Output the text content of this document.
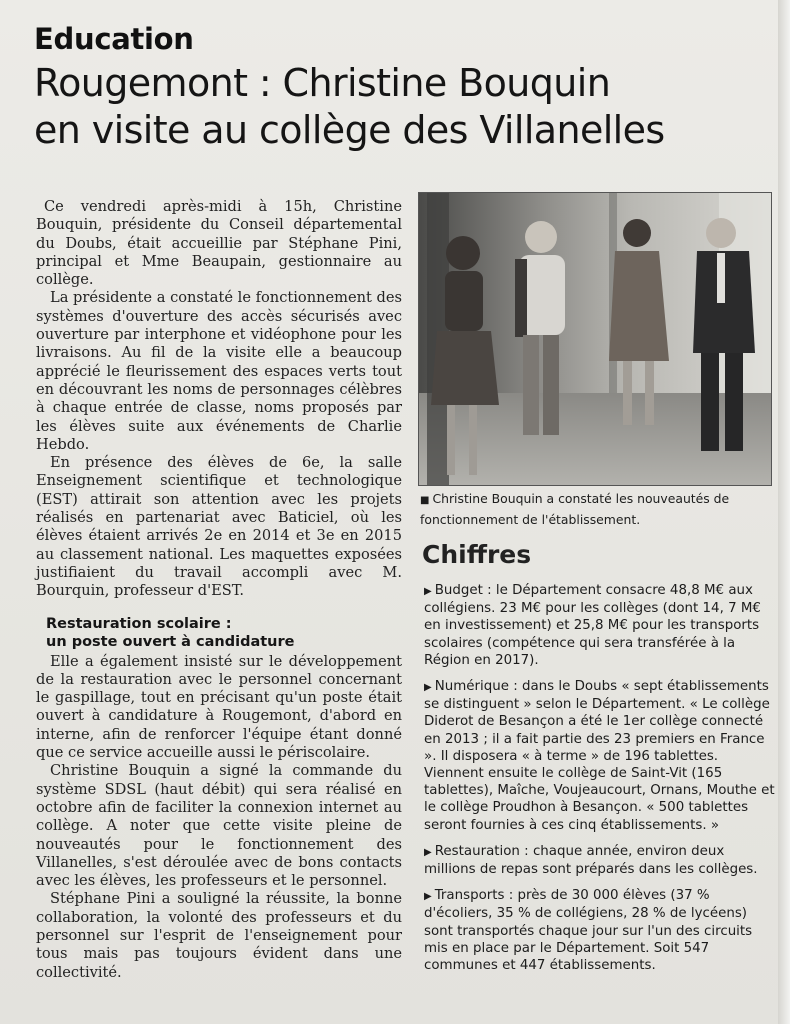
Education
Rougemont : Christine Bouquin
en visite au collège des Villanelles

Ce vendredi après-midi à 15h, Christine Bouquin, présidente du Conseil départemental du Doubs, était accueillie par Stéphane Pini, principal et Mme Beaupain, gestionnaire au collège.

La présidente a constaté le fonctionnement des systèmes d'ouverture des accès sécurisés avec ouverture par interphone et vidéophone pour les livraisons. Au fil de la visite elle a beaucoup apprécié le fleurissement des espaces verts tout en découvrant les noms de personnages célèbres à chaque entrée de classe, noms proposés par les élèves suite aux événements de Charlie Hebdo.

En présence des élèves de 6e, la salle Enseignement scientifique et technologique (EST) attirait son attention avec les projets réalisés en partenariat avec Baticiel, où les élèves étaient arrivés 2e en 2014 et 3e en 2015 au classement national. Les maquettes exposées justifiaient du travail accompli avec M. Bourquin, professeur d'EST.

Restauration scolaire :
un poste ouvert à candidature

Elle a également insisté sur le développement de la restauration avec le personnel concernant le gaspillage, tout en précisant qu'un poste était ouvert à candidature à Rougemont, d'abord en interne, afin de renforcer l'équipe étant donné que ce service accueille aussi le périscolaire.

Christine Bouquin a signé la commande du système SDSL (haut débit) qui sera réalisé en octobre afin de faciliter la connexion internet au collège. A noter que cette visite pleine de nouveautés pour le fonctionnement des Villanelles, s'est déroulée avec de bons contacts avec les élèves, les professeurs et le personnel.

Stéphane Pini a souligné la réussite, la bonne collaboration, la volonté des professeurs et du personnel sur l'esprit de l'enseignement pour tous mais pas toujours évident dans une collectivité.

■ Christine Bouquin a constaté les nouveautés de fonctionnement de l'établissement.
Chiffres
▶ Budget : le Département consacre 48,8 M€ aux collégiens. 23 M€ pour les collèges (dont 14, 7 M€ en investissement) et 25,8 M€ pour les transports scolaires (compétence qui sera transférée à la Région en 2017).
▶ Numérique : dans le Doubs « sept établissements se distinguent » selon le Département. « Le collège Diderot de Besançon a été le 1er collège connecté en 2013 ; il a fait partie des 23 premiers en France ». Il disposera « à terme » de 196 tablettes. Viennent ensuite le collège de Saint-Vit (165 tablettes), Maîche, Voujeaucourt, Ornans, Mouthe et le collège Proudhon à Besançon. « 500 tablettes seront fournies à ces cinq établissements. »
▶ Restauration : chaque année, environ deux millions de repas sont préparés dans les collèges.
▶ Transports : près de 30 000 élèves (37 % d'écoliers, 35 % de collégiens, 28 % de lycéens) sont transportés chaque jour sur l'un des circuits mis en place par le Département. Soit 547 communes et 447 établissements.
